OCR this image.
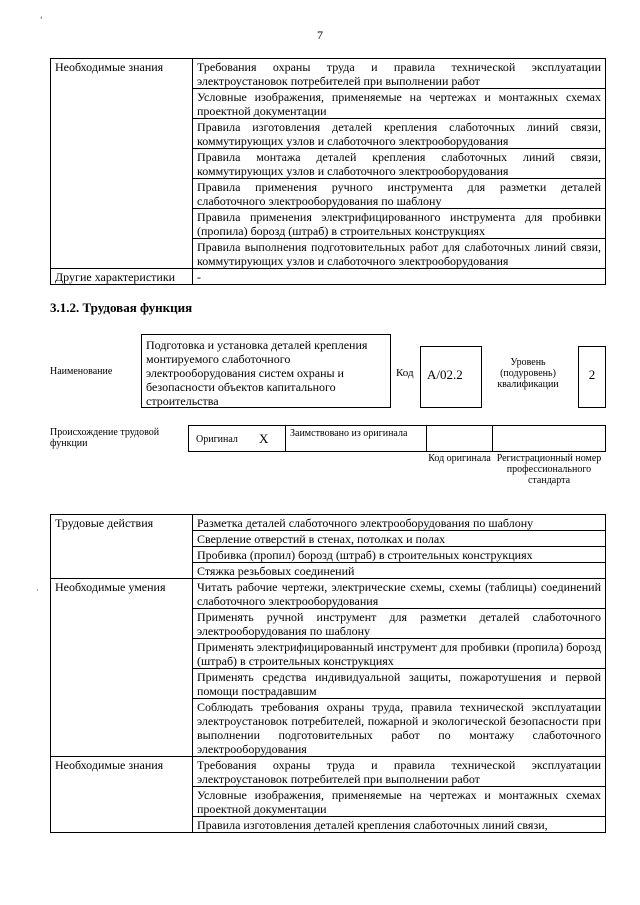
7
‘
·
Необходимые знания	Требования охраны труда и правила технической эксплуатации электроустановок потребителей при выполнении работ
	Условные изображения, применяемые на чертежах и монтажных схемах проектной документации
	Правила изготовления деталей крепления слаботочных линий связи, коммутирующих узлов и слаботочного электрооборудования
	Правила монтажа деталей крепления слаботочных линий связи, коммутирующих узлов и слаботочного электрооборудования
	Правила применения ручного инструмента для разметки деталей слаботочного электрооборудования по шаблону
	Правила применения электрифицированного инструмента для пробивки (пропила) борозд (штраб) в строительных конструкциях
	Правила выполнения подготовительных работ для слаботочных линий связи, коммутирующих узлов и слаботочного электрооборудования
Другие характеристики	-
3.1.2. Трудовая функция
Наименование
Подготовка и установка деталей крепления монтируемого слаботочного электрооборудования систем охраны и безопасности объектов капитального строительства
Код	А/02.2
Уровень (подуровень) квалификации
2
Происхождение трудовой функции	Оригинал X	Заимствовано из оригинала
Код оригинала Регистрационный номер профессионального стандарта
Трудовые действия	Разметка деталей слаботочного электрооборудования по шаблону
	Сверление отверстий в стенах, потолках и полах
	Пробивка (пропил) борозд (штраб) в строительных конструкциях
	Стяжка резьбовых соединений
Необходимые умения	Читать рабочие чертежи, электрические схемы, схемы (таблицы) соединений слаботочного электрооборудования
	Применять ручной инструмент для разметки деталей слаботочного электрооборудования по шаблону
	Применять электрифицированный инструмент для пробивки (пропила) борозд (штраб) в строительных конструкциях
	Применять средства индивидуальной защиты, пожаротушения и первой помощи пострадавшим
	Соблюдать требования охраны труда, правила технической эксплуатации электроустановок потребителей, пожарной и экологической безопасности при выполнении подготовительных работ по монтажу слаботочного электрооборудования
Необходимые знания	Требования охраны труда и правила технической эксплуатации электроустановок потребителей при выполнении работ
	Условные изображения, применяемые на чертежах и монтажных схемах проектной документации
	Правила изготовления деталей крепления слаботочных линий связи,
